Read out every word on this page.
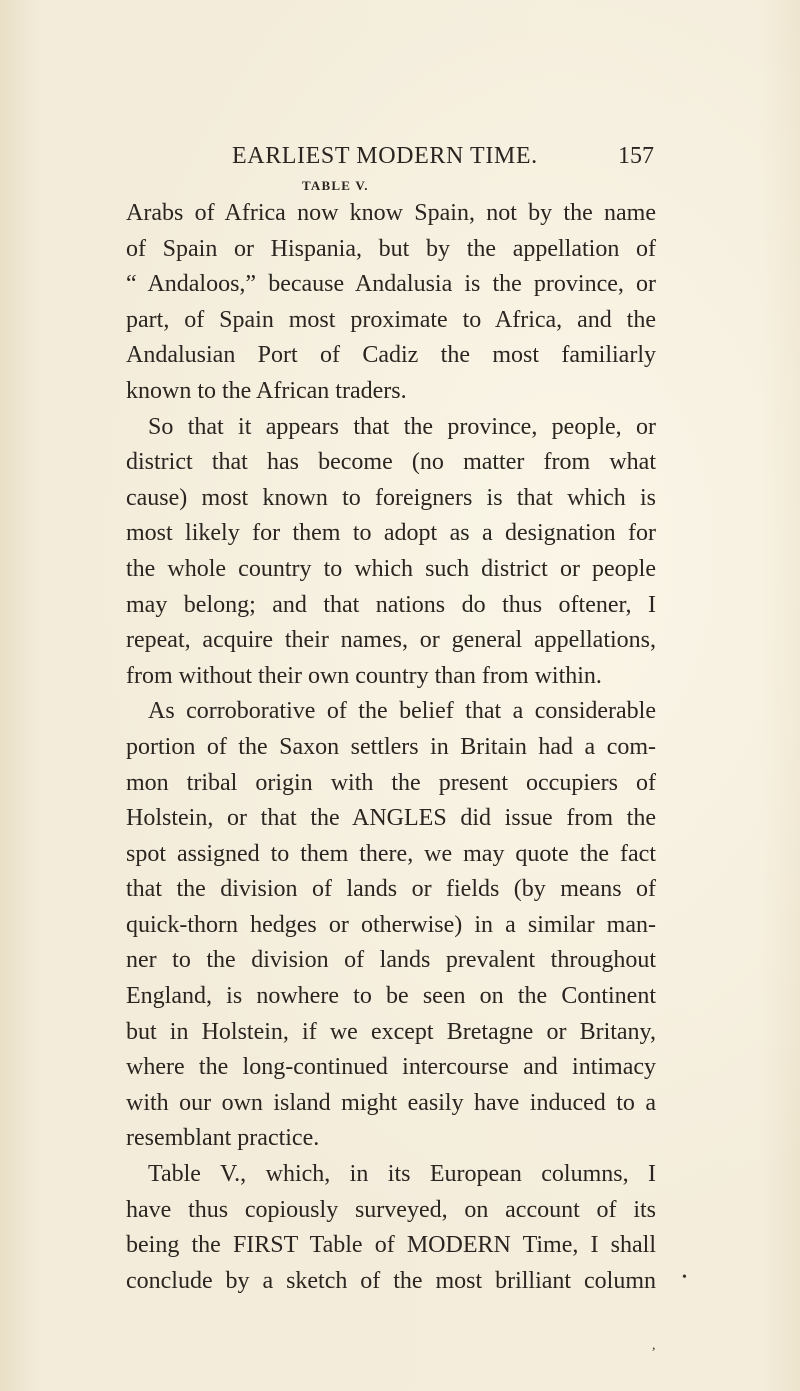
EARLIEST MODERN TIME.	157
TABLE V.
Arabs of Africa now know Spain, not by the name
of Spain or Hispania, but by the appellation of
“ Andaloos,” because Andalusia is the province, or
part, of Spain most proximate to Africa, and the
Andalusian Port of Cadiz the most familiarly
known to the African traders.
So that it appears that the province, people, or
district that has become (no matter from what
cause) most known to foreigners is that which is
most likely for them to adopt as a designation for
the whole country to which such district or people
may belong; and that nations do thus oftener, I
repeat, acquire their names, or general appellations,
from without their own country than from within.
As corroborative of the belief that a considerable
portion of the Saxon settlers in Britain had a com-
mon tribal origin with the present occupiers of
Holstein, or that the ANGLES did issue from the
spot assigned to them there, we may quote the fact
that the division of lands or fields (by means of
quick-thorn hedges or otherwise) in a similar man-
ner to the division of lands prevalent throughout
England, is nowhere to be seen on the Continent
but in Holstein, if we except Bretagne or Britany,
where the long-continued intercourse and intimacy
with our own island might easily have induced to a
resemblant practice.
Table V., which, in its European columns, I
have thus copiously surveyed, on account of its
being the FIRST Table of MODERN Time, I shall
conclude by a sketch of the most brilliant column •
,
